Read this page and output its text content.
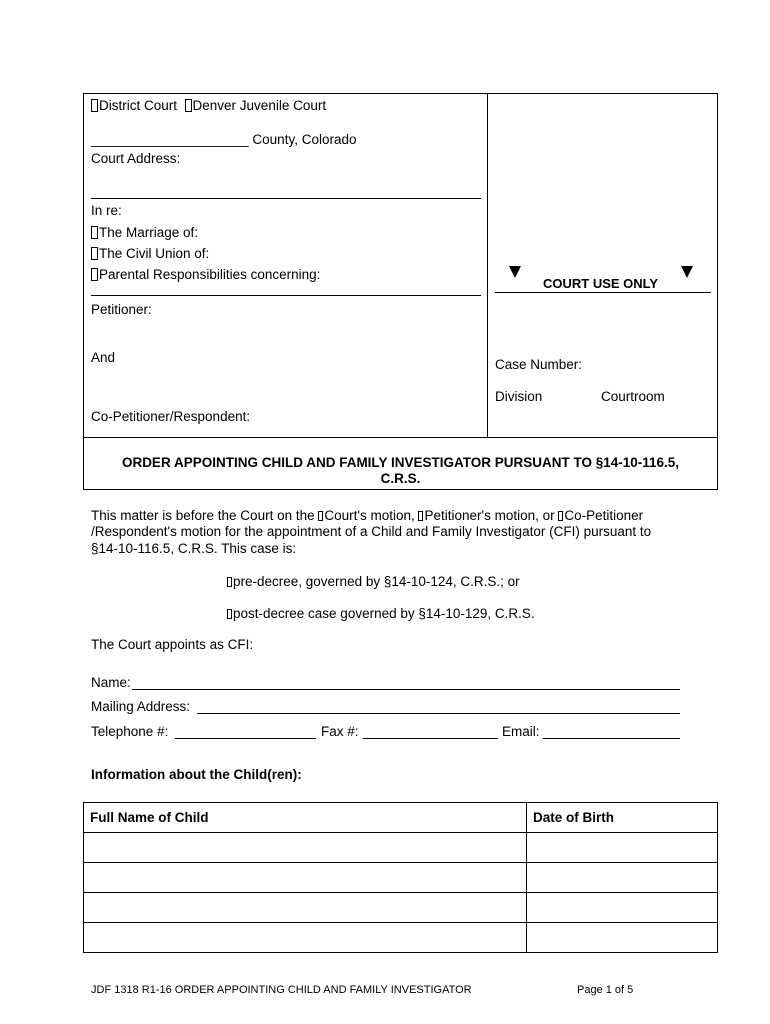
District Court Denver Juvenile Court
_____________________ County, Colorado
Court Address:
In re:
The Marriage of:
The Civil Union of:
Parental Responsibilities concerning:
Petitioner:
And
Co-Petitioner/Respondent:
COURT USE ONLY
Case Number:
Division	Courtroom
ORDER APPOINTING CHILD AND FAMILY INVESTIGATOR PURSUANT TO §14-10-116.5,
C.R.S.
This matter is before the Court on the Court's motion, Petitioner's motion, or Co-Petitioner
/Respondent's motion for the appointment of a Child and Family Investigator (CFI) pursuant to
§14-10-116.5, C.R.S. This case is:
pre-decree, governed by §14-10-124, C.R.S.; or
post-decree case governed by §14-10-129, C.R.S.
The Court appoints as CFI:
Name:
Mailing Address:
Telephone #:	Fax #:	Email:
Information about the Child(ren):
Full Name of Child	Date of Birth

JDF 1318 R1-16 ORDER APPOINTING CHILD AND FAMILY INVESTIGATOR	Page 1 of 5
